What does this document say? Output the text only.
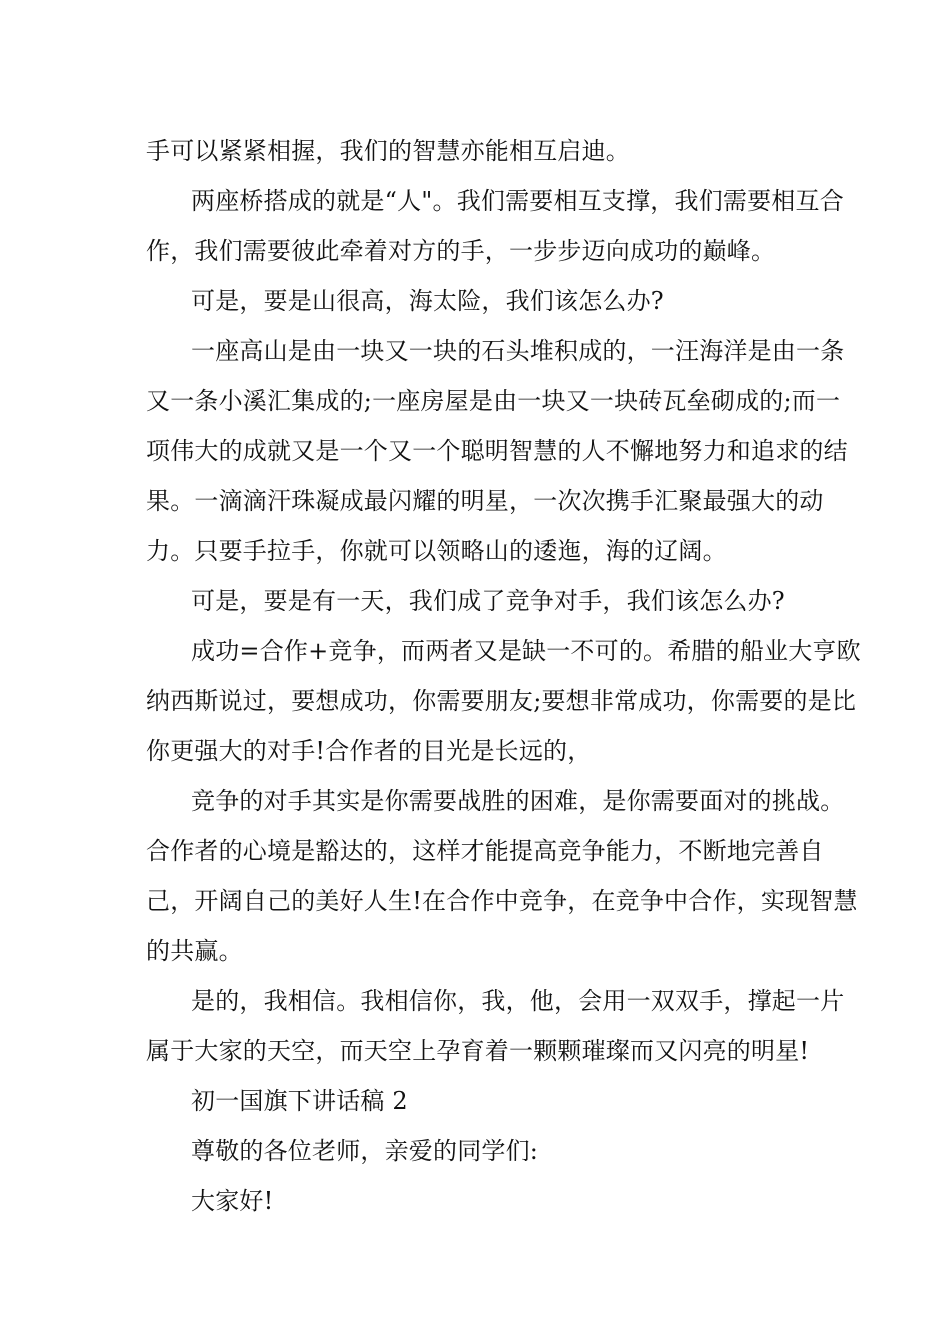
手可以紧紧相握，我们的智慧亦能相互启迪。
两座桥搭成的就是“人"。我们需要相互支撑，我们需要相互合
作，我们需要彼此牵着对方的手，一步步迈向成功的巅峰。
可是，要是山很高，海太险，我们该怎么办?
一座高山是由一块又一块的石头堆积成的，一汪海洋是由一条
又一条小溪汇集成的;一座房屋是由一块又一块砖瓦垒砌成的;而一
项伟大的成就又是一个又一个聪明智慧的人不懈地努力和追求的结
果。一滴滴汗珠凝成最闪耀的明星，一次次携手汇聚最强大的动
力。只要手拉手，你就可以领略山的逶迤，海的辽阔。
可是，要是有一天，我们成了竞争对手，我们该怎么办?
成功=合作+竞争，而两者又是缺一不可的。希腊的船业大亨欧
纳西斯说过，要想成功，你需要朋友;要想非常成功，你需要的是比
你更强大的对手!合作者的目光是长远的，
竞争的对手其实是你需要战胜的困难，是你需要面对的挑战。
合作者的心境是豁达的，这样才能提高竞争能力，不断地完善自
己，开阔自己的美好人生!在合作中竞争，在竞争中合作，实现智慧
的共赢。
是的，我相信。我相信你，我，他，会用一双双手，撑起一片
属于大家的天空，而天空上孕育着一颗颗璀璨而又闪亮的明星!
初一国旗下讲话稿 2
尊敬的各位老师，亲爱的同学们:
大家好!
